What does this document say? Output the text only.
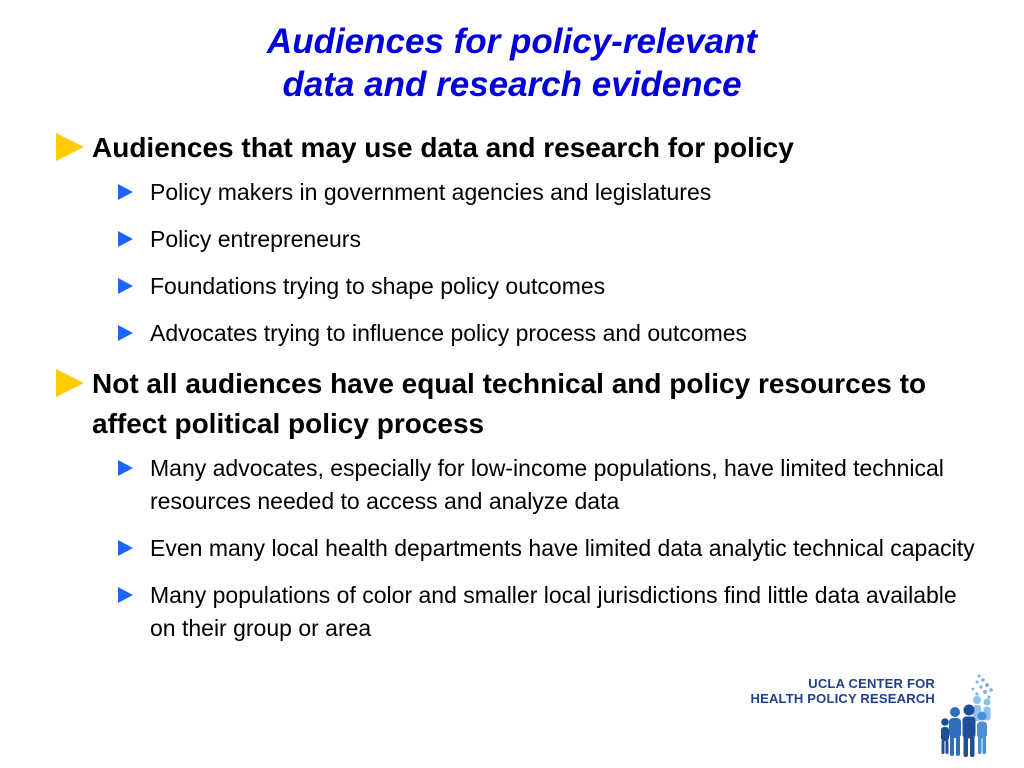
Audiences for policy-relevant
data and research evidence
Audiences that may use data and research for policy
Policy makers in government agencies and legislatures
Policy entrepreneurs
Foundations trying to shape policy outcomes
Advocates trying to influence policy process and outcomes
Not all audiences have equal technical and policy resources to affect political policy process
Many advocates, especially for low-income populations, have limited technical resources needed to access and analyze data
Even many local health departments have limited data analytic technical capacity
Many populations of color and smaller local jurisdictions find little data available on their group or area
UCLA CENTER FOR
HEALTH POLICY RESEARCH
